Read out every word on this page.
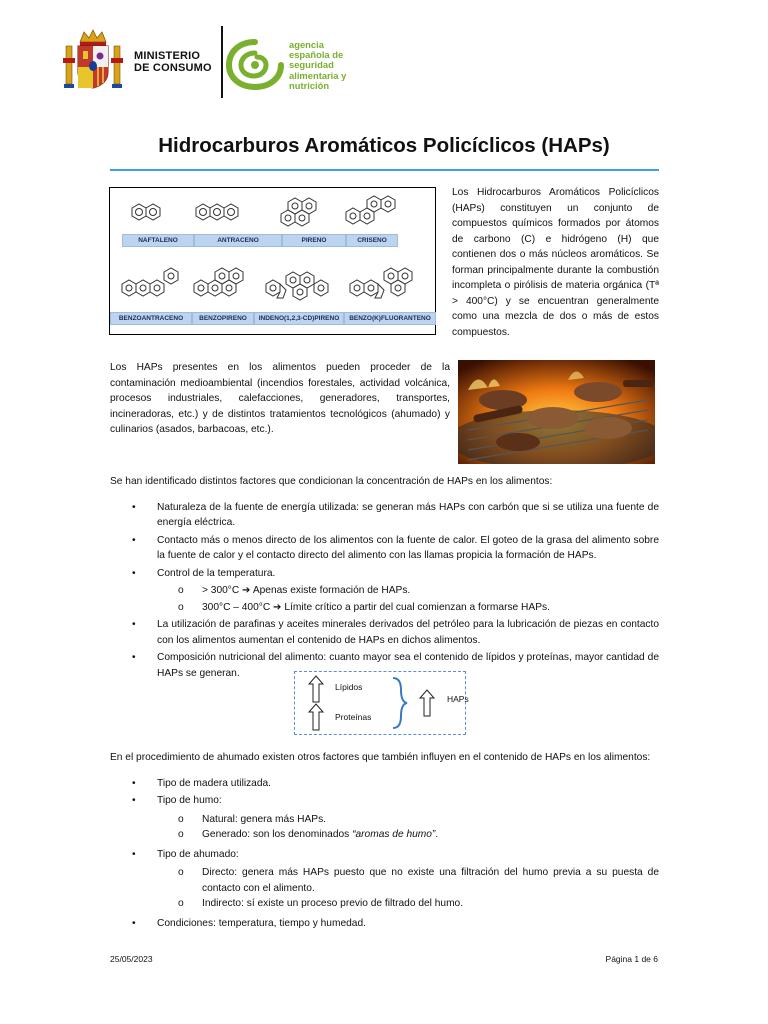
MINISTERIO
DE CONSUMO
agencia
española de
seguridad
alimentaria y
nutrición
Hidrocarburos Aromáticos Policíclicos (HAPs)
NAFTALENO	ANTRACENO	PIRENO	CRISENO
BENZOANTRACENO	BENZOPIRENO	INDENO(1,2,3-CD)PIRENO	BENZO(K)FLUORANTENO
Los Hidrocarburos Aromáticos Policíclicos (HAPs) constituyen un conjunto de compuestos químicos formados por átomos de carbono (C) e hidrógeno (H) que contienen dos o más núcleos aromáticos. Se forman principalmente durante la combustión incompleta o pirólisis de materia orgánica (Tª > 400°C) y se encuentran generalmente como una mezcla de dos o más de estos compuestos.
Los HAPs presentes en los alimentos pueden proceder de la contaminación medioambiental (incendios forestales, actividad volcánica, procesos industriales, calefacciones, generadores, transportes, incineradoras, etc.) y de distintos tratamientos tecnológicos (ahumado) y culinarios (asados, barbacoas, etc.).
Se han identificado distintos factores que condicionan la concentración de HAPs en los alimentos:
• Naturaleza de la fuente de energía utilizada: se generan más HAPs con carbón que si se utiliza una fuente de energía eléctrica.
• Contacto más o menos directo de los alimentos con la fuente de calor. El goteo de la grasa del alimento sobre la fuente de calor y el contacto directo del alimento con las llamas propicia la formación de HAPs.
• Control de la temperatura.
o > 300°C ➔ Apenas existe formación de HAPs.
o 300°C – 400°C ➔ Límite crítico a partir del cual comienzan a formarse HAPs.
• La utilización de parafinas y aceites minerales derivados del petróleo para la lubricación de piezas en contacto con los alimentos aumentan el contenido de HAPs en dichos alimentos.
• Composición nutricional del alimento: cuanto mayor sea el contenido de lípidos y proteínas, mayor cantidad de HAPs se generan.
Lípidos
Proteínas
HAPs
En el procedimiento de ahumado existen otros factores que también influyen en el contenido de HAPs en los alimentos:
• Tipo de madera utilizada.
• Tipo de humo:
o Natural: genera más HAPs.
o Generado: son los denominados “aromas de humo”.
• Tipo de ahumado:
o Directo: genera más HAPs puesto que no existe una filtración del humo previa a su puesta de contacto con el alimento.
o Indirecto: sí existe un proceso previo de filtrado del humo.
• Condiciones: temperatura, tiempo y humedad.
25/05/2023	Página 1 de 6
